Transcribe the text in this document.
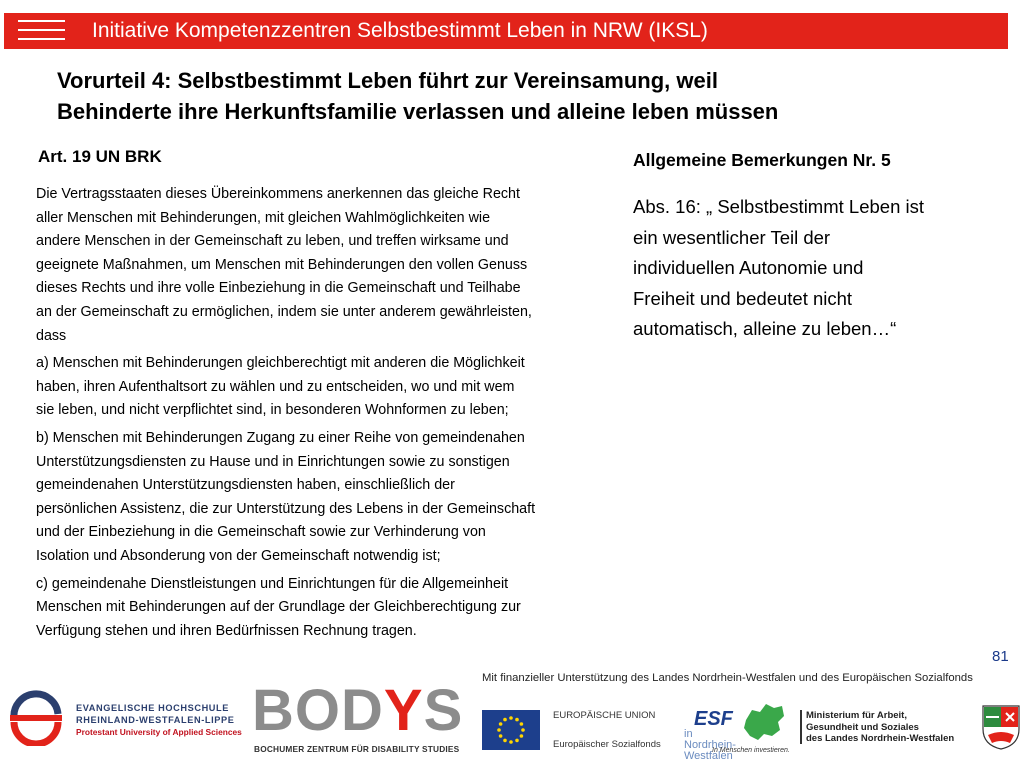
Initiative Kompetenzzentren Selbstbestimmt Leben in NRW (IKSL)
Vorurteil 4: Selbstbestimmt Leben führt zur Vereinsamung, weil
Behinderte ihre Herkunftsfamilie verlassen und alleine leben müssen
Art. 19 UN BRK

Die Vertragsstaaten dieses Übereinkommens anerkennen das gleiche Recht
aller Menschen mit Behinderungen, mit gleichen Wahlmöglichkeiten wie
andere Menschen in der Gemeinschaft zu leben, und treffen wirksame und
geeignete Maßnahmen, um Menschen mit Behinderungen den vollen Genuss
dieses Rechts und ihre volle Einbeziehung in die Gemeinschaft und Teilhabe
an der Gemeinschaft zu ermöglichen, indem sie unter anderem gewährleisten,
dass

a) Menschen mit Behinderungen gleichberechtigt mit anderen die Möglichkeit
haben, ihren Aufenthaltsort zu wählen und zu entscheiden, wo und mit wem
sie leben, und nicht verpflichtet sind, in besonderen Wohnformen zu leben;

b) Menschen mit Behinderungen Zugang zu einer Reihe von gemeindenahen
Unterstützungsdiensten zu Hause und in Einrichtungen sowie zu sonstigen
gemeindenahen Unterstützungsdiensten haben, einschließlich der
persönlichen Assistenz, die zur Unterstützung des Lebens in der Gemeinschaft
und der Einbeziehung in die Gemeinschaft sowie zur Verhinderung von
Isolation und Absonderung von der Gemeinschaft notwendig ist;

c) gemeindenahe Dienstleistungen und Einrichtungen für die Allgemeinheit
Menschen mit Behinderungen auf der Grundlage der Gleichberechtigung zur
Verfügung stehen und ihren Bedürfnissen Rechnung tragen.

Allgemeine Bemerkungen Nr. 5
Abs. 16: „ Selbstbestimmt Leben ist
ein wesentlicher Teil der
individuellen Autonomie und
Freiheit und bedeutet nicht
automatisch, alleine zu leben…“
81
Mit finanzieller Unterstützung des Landes Nordrhein-Westfalen und des Europäischen Sozialfonds
EVANGELISCHE HOCHSCHULE
RHEINLAND-WESTFALEN-LIPPE
Protestant University of Applied Sciences BODYS
BOCHUMER ZENTRUM FÜR DISABILITY STUDIES
EUROPÄISCHE UNION
Europäischer Sozialfonds
ESF
in Nordrhein-
Westfalen
In Menschen investieren.
Ministerium für Arbeit,
Gesundheit und Soziales
des Landes Nordrhein-Westfalen
